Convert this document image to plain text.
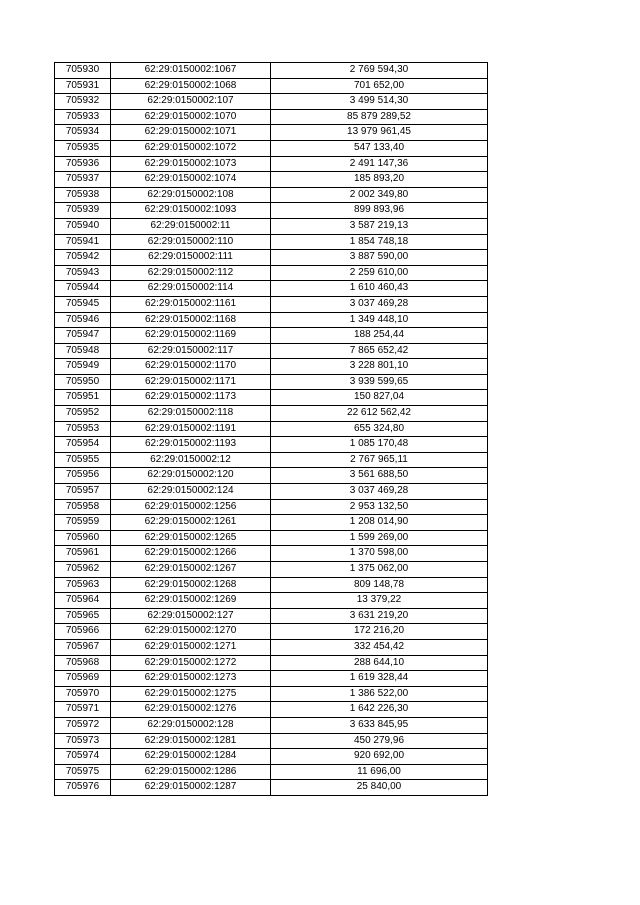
705930	62:29:0150002:1067	2 769 594,30
705931	62:29:0150002:1068	701 652,00
705932	62:29:0150002:107	3 499 514,30
705933	62:29:0150002:1070	85 879 289,52
705934	62:29:0150002:1071	13 979 961,45
705935	62:29:0150002:1072	547 133,40
705936	62:29:0150002:1073	2 491 147,36
705937	62:29:0150002:1074	185 893,20
705938	62:29:0150002:108	2 002 349,80
705939	62:29:0150002:1093	899 893,96
705940	62:29:0150002:11	3 587 219,13
705941	62:29:0150002:110	1 854 748,18
705942	62:29:0150002:111	3 887 590,00
705943	62:29:0150002:112	2 259 610,00
705944	62:29:0150002:114	1 610 460,43
705945	62:29:0150002:1161	3 037 469,28
705946	62:29:0150002:1168	1 349 448,10
705947	62:29:0150002:1169	188 254,44
705948	62:29:0150002:117	7 865 652,42
705949	62:29:0150002:1170	3 228 801,10
705950	62:29:0150002:1171	3 939 599,65
705951	62:29:0150002:1173	150 827,04
705952	62:29:0150002:118	22 612 562,42
705953	62:29:0150002:1191	655 324,80
705954	62:29:0150002:1193	1 085 170,48
705955	62:29:0150002:12	2 767 965,11
705956	62:29:0150002:120	3 561 688,50
705957	62:29:0150002:124	3 037 469,28
705958	62:29:0150002:1256	2 953 132,50
705959	62:29:0150002:1261	1 208 014,90
705960	62:29:0150002:1265	1 599 269,00
705961	62:29:0150002:1266	1 370 598,00
705962	62:29:0150002:1267	1 375 062,00
705963	62:29:0150002:1268	809 148,78
705964	62:29:0150002:1269	13 379,22
705965	62:29:0150002:127	3 631 219,20
705966	62:29:0150002:1270	172 216,20
705967	62:29:0150002:1271	332 454,42
705968	62:29:0150002:1272	288 644,10
705969	62:29:0150002:1273	1 619 328,44
705970	62:29:0150002:1275	1 386 522,00
705971	62:29:0150002:1276	1 642 226,30
705972	62:29:0150002:128	3 633 845,95
705973	62:29:0150002:1281	450 279,96
705974	62:29:0150002:1284	920 692,00
705975	62:29:0150002:1286	11 696,00
705976	62:29:0150002:1287	25 840,00
